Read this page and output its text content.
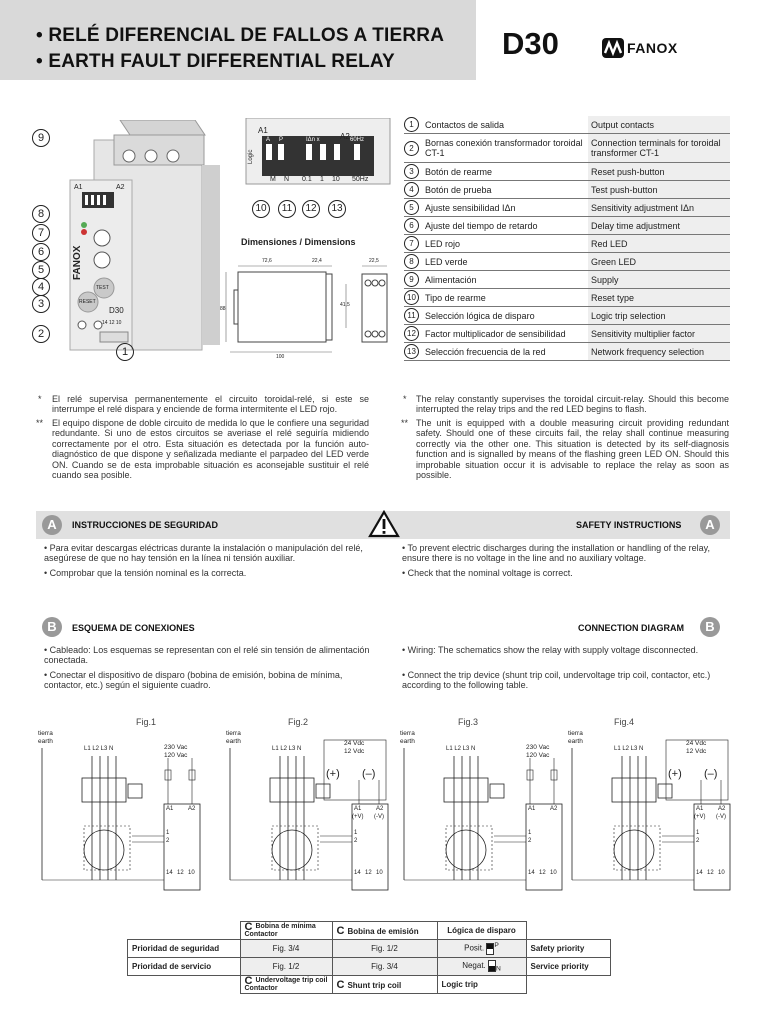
• RELÉ DIFERENCIAL DE FALLOS A TIERRA
• EARTH FAULT DIFFERENTIAL RELAY
D30	FANOX
A1	A2
FANOX
TEST
RESET
D30
14 12 10
9
8
7
6
5
4
3
2
1
A1
A2
A P	IΔn x	60Hz
M N 0.1 1 10 50Hz
Logic
10	11	12	13
Dimensiones / Dimensions
72,6	22,4
100
88
41,5
22,5
1	Contactos de salida	Output contacts
2	Bornas conexión transformador toroidal CT-1	Connection terminals for toroidal transformer CT-1
3	Botón de rearme	Reset push-button
4	Botón de prueba	Test push-button
5	Ajuste sensibilidad IΔn	Sensitivity adjustment IΔn
6	Ajuste del tiempo de retardo	Delay time adjustment
7	LED rojo	Red LED
8	LED verde	Green LED
9	Alimentación	Supply
10	Tipo de rearme	Reset type
11	Selección lógica de disparo	Logic trip selection
12	Factor multiplicador de sensibilidad	Sensitivity multiplier factor
13	Selección frecuencia de la red	Network frequency selection
* El relé supervisa permanentemente el circuito toroidal-relé, si este se interrumpe el relé dispara y enciende de forma intermitente el LED rojo.
** El equipo dispone de doble circuito de medida lo que le confiere una seguridad redundante. Si uno de estos circuitos se averiase el relé seguiría midiendo correctamente por el otro. Esta situación es detectada por la función auto-diagnóstico de que dispone y señalizada mediante el parpadeo del LED verde ON. Cuando se de esta improbable situación es aconsejable sustituir el relé cuando sea posible.
* The relay constantly supervises the toroidal circuit-relay. Should this become interrupted the relay trips and the red LED begins to flash.
** The unit is equipped with a double measuring circuit providing redundant safety. Should one of these circuits fail, the relay shall continue measuring correctly via the other one. This situation is detected by its self-diagnosis function and is signalled by means of the flashing green LED ON. Should this improbable situation occur it is advisable to replace the relay as soon as possible.
A	INSTRUCCIONES DE SEGURIDAD	SAFETY INSTRUCTIONS	A
• Para evitar descargas eléctricas durante la instalación o manipulación del relé, asegúrese de que no hay tensión en la línea ni tensión auxiliar.
• Comprobar que la tensión nominal es la correcta.
• To prevent electric discharges during the installation or handling of the relay, ensure there is no voltage in the line and no auxiliary voltage.
• Check that the nominal voltage is correct.
B	ESQUEMA DE CONEXIONES	CONNECTION DIAGRAM	B
• Cableado: Los esquemas se representan con el relé sin tensión de alimentación conectada.
• Conectar el dispositivo de disparo (bobina de emisión, bobina de mínima, contactor, etc.) según el siguiente cuadro.
• Wiring: The schematics show the relay with supply voltage disconnected.
• Connect the trip device (shunt trip coil, undervoltage trip coil, contactor, etc.) according to the following table.
Fig.1
tierra
earth
L1 L2 L3 N	230 Vac
120 Vac
A1 A2
1
2
14 12 10
Fig.2
tierra
earth
L1 L2 L3 N
24 Vdc
12 Vdc
(+) (–)
A1 A2
(+V) (-V)
1
2
14 12 10
Fig.3
tierra
earth
L1 L2 L3 N	230 Vac
120 Vac
A1 A2
1
2
14 12 10
Fig.4
tierra
earth
L1 L2 L3 N
24 Vdc
12 Vdc
(+) (–)
A1 A2
(+V) (-V)
1
2
14 12 10

	C Bobina de mínima Contactor	C Bobina de emisión	Lógica de disparo	
Prioridad de seguridad	Fig. 3/4	Fig. 1/2	Posit. $^P$	Safety priority
Prioridad de servicio	Fig. 1/2	Fig. 3/4	Negat. $_N$	Service priority

	C Undervoltage trip coil Contactor	C Shunt trip coil	Logic trip	
